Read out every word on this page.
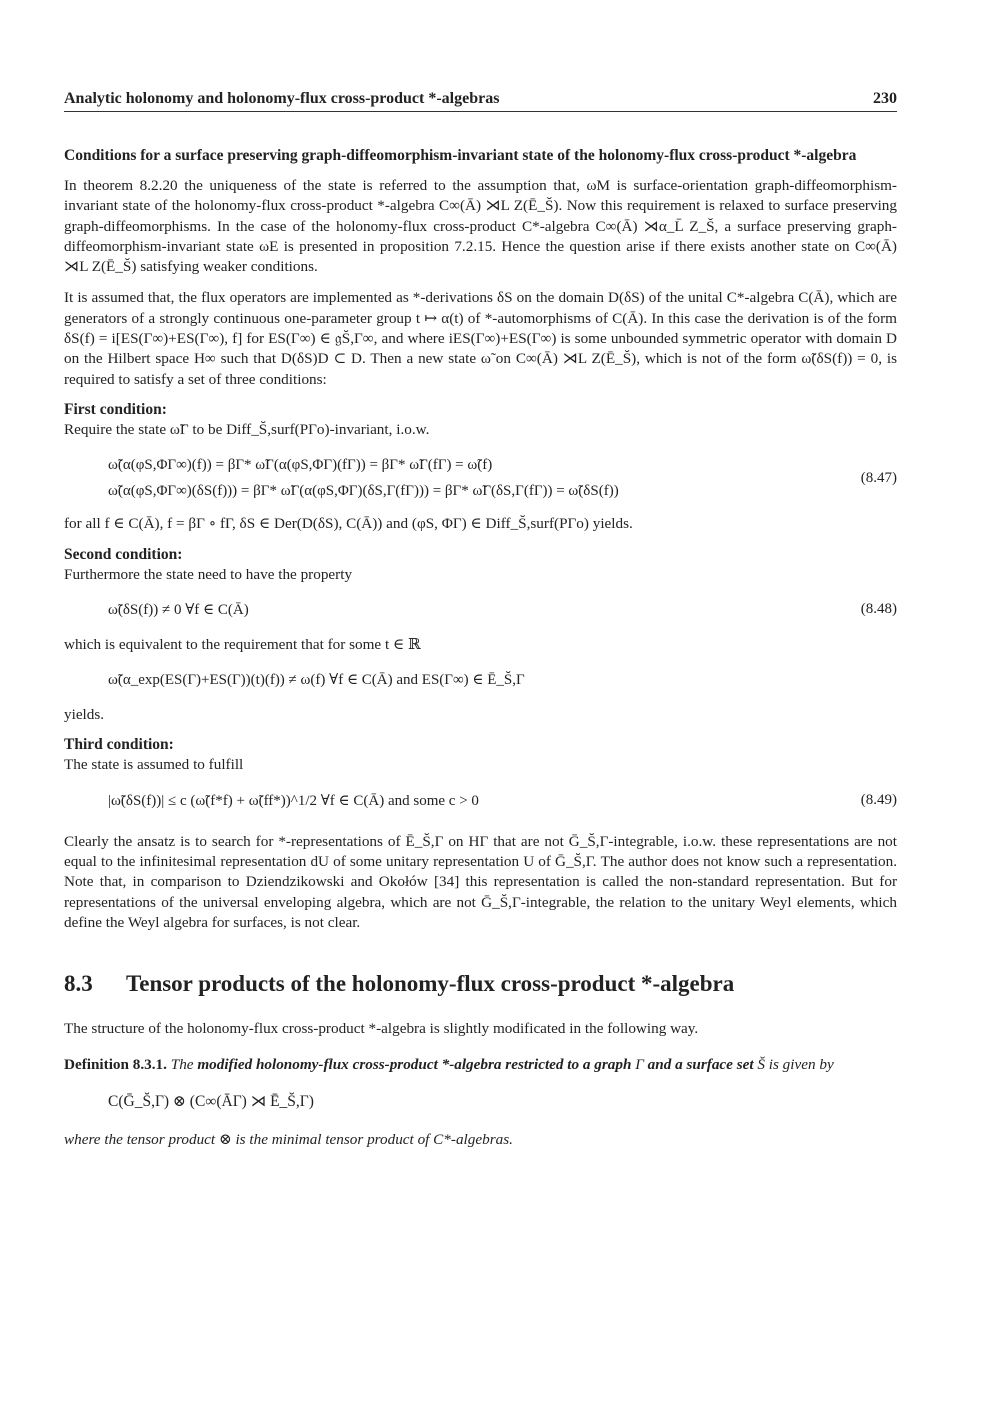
Analytic holonomy and holonomy-flux cross-product *-algebras	230
Conditions for a surface preserving graph-diffeomorphism-invariant state of the holonomy-flux cross-product *-algebra

In theorem 8.2.20 the uniqueness of the state is referred to the assumption that, ωM is surface-orientation graph-diffeomorphism-invariant state of the holonomy-flux cross-product *-algebra C∞(Ā) ⋊L Z(Ē_S̆). Now this requirement is relaxed to surface preserving graph-diffeomorphisms. In the case of the holonomy-flux cross-product C*-algebra C∞(Ā) ⋊α_L̄ Z_S̆, a surface preserving graph-diffeomorphism-invariant state ωE is presented in proposition 7.2.15. Hence the question arise if there exists another state on C∞(Ā) ⋊L Z(Ē_S̆) satisfying weaker conditions.

It is assumed that, the flux operators are implemented as *-derivations δS on the domain D(δS) of the unital C*-algebra C(Ā), which are generators of a strongly continuous one-parameter group t ↦ α(t) of *-automorphisms of C(Ā). In this case the derivation is of the form δS(f) = i[ES(Γ∞)+ES(Γ∞), f] for ES(Γ∞) ∈ 𝔤S̆,Γ∞, and where iES(Γ∞)+ES(Γ∞) is some unbounded symmetric operator with domain D on the Hilbert space H∞ such that D(δS)D ⊂ D. Then a new state ω̃ on C∞(Ā) ⋊L Z(Ē_S̆), which is not of the form ω̃(δS(f)) = 0, is required to satisfy a set of three conditions:

First condition:

Require the state ω̃Γ to be Diff_S̆,surf(PΓo)-invariant, i.o.w.

ω̃(α(φS,ΦΓ∞)(f)) = βΓ* ω̃Γ(α(φS,ΦΓ)(fΓ)) = βΓ* ω̃Γ(fΓ) = ω̃(f)
ω̃(α(φS,ΦΓ∞)(δS(f))) = βΓ* ω̃Γ(α(φS,ΦΓ)(δS,Γ(fΓ))) = βΓ* ω̃Γ(δS,Γ(fΓ)) = ω̃(δS(f))
(8.47)

for all f ∈ C(Ā), f = βΓ ∘ fΓ, δS ∈ Der(D(δS), C(Ā)) and (φS, ΦΓ) ∈ Diff_S̆,surf(PΓo) yields.

Second condition:

Furthermore the state need to have the property

ω̃(δS(f)) ≠ 0 ∀f ∈ C(Ā)	(8.48)

which is equivalent to the requirement that for some t ∈ ℝ

ω̃(α_exp(ES(Γ)+ES(Γ))(t)(f)) ≠ ω(f) ∀f ∈ C(Ā) and ES(Γ∞) ∈ Ē_S̆,Γ

yields.

Third condition:

The state is assumed to fulfill

|ω̃(δS(f))| ≤ c (ω̃(f*f) + ω̃(ff*))^1/2 ∀f ∈ C(Ā) and some c > 0	(8.49)

Clearly the ansatz is to search for *-representations of Ē_S̆,Γ on HΓ that are not Ḡ_S̆,Γ-integrable, i.o.w. these representations are not equal to the infinitesimal representation dU of some unitary representation U of Ḡ_S̆,Γ. The author does not know such a representation. Note that, in comparison to Dziendzikowski and Okołów [34] this representation is called the non-standard representation. But for representations of the universal enveloping algebra, which are not Ḡ_S̆,Γ-integrable, the relation to the unitary Weyl elements, which define the Weyl algebra for surfaces, is not clear.

8.3 Tensor products of the holonomy-flux cross-product *-algebra

The structure of the holonomy-flux cross-product *-algebra is slightly modificated in the following way.

Definition 8.3.1. The modified holonomy-flux cross-product *-algebra restricted to a graph Γ and a surface set S̆ is given by
C(Ḡ_S̆,Γ) ⊗ (C∞(ĀΓ) ⋊ Ē_S̆,Γ)
where the tensor product ⊗ is the minimal tensor product of C*-algebras.
